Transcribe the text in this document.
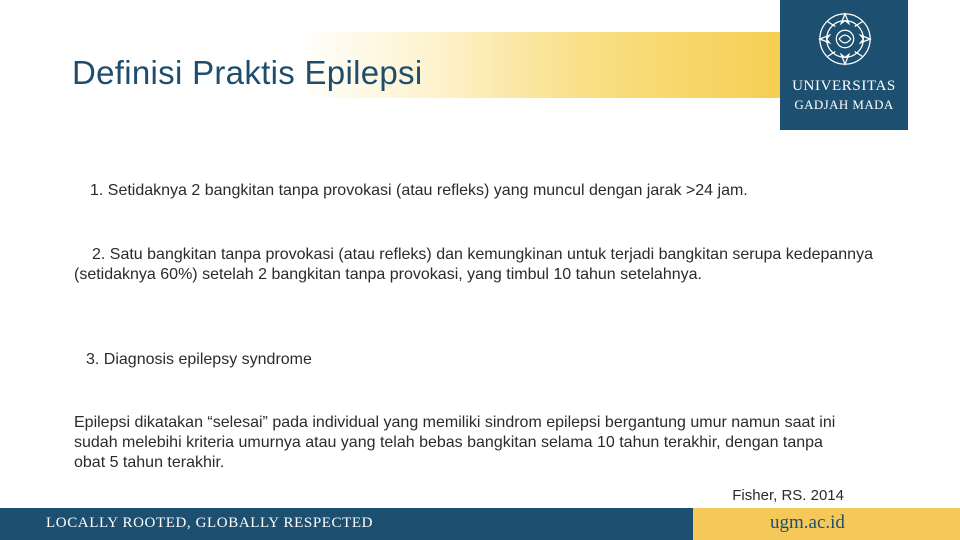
Definisi Praktis Epilepsi	UNIVERSITAS
GADJAH MADA
1. Setidaknya 2 bangkitan tanpa provokasi (atau refleks) yang muncul dengan jarak >24 jam.
2. Satu bangkitan tanpa provokasi (atau refleks) dan kemungkinan untuk terjadi bangkitan serupa kedepannya (setidaknya 60%) setelah 2 bangkitan tanpa provokasi, yang timbul 10 tahun setelahnya.
3. Diagnosis epilepsy syndrome
Epilepsi dikatakan “selesai” pada individual yang memiliki sindrom epilepsi bergantung umur namun saat ini sudah melebihi kriteria umurnya atau yang telah bebas bangkitan selama 10 tahun terakhir, dengan tanpa obat 5 tahun terakhir.
Fisher, RS. 2014
LOCALLY ROOTED, GLOBALLY RESPECTED	ugm.ac.id
